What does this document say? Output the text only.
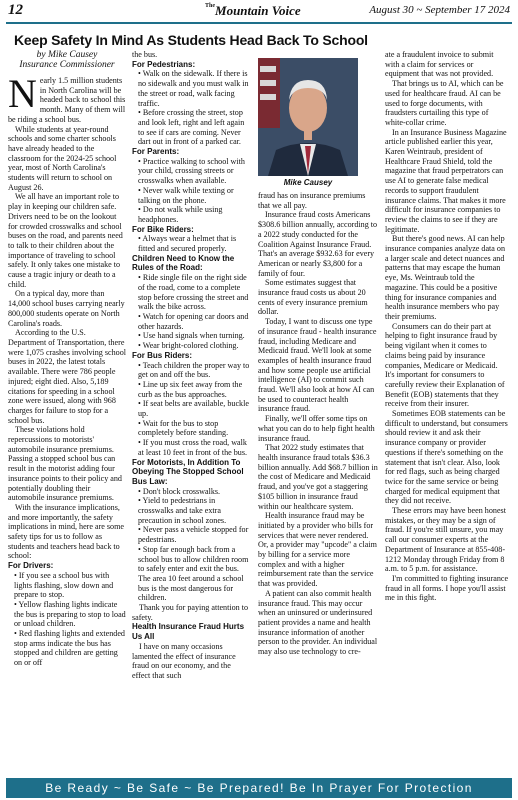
12	$^{The}$Mountain Voice	August 30 ~ September 17 2024
Keep Safety In Mind As Students Head Back To School
by Mike Causey
Insurance Commissioner

Nearly 1.5 million students in North Carolina will be headed back to school this month. Many of them will be riding a school bus.

While students at year-round schools and some charter schools have already headed to the classroom for the 2024-25 school year, most of North Carolina's students will return to school on August 26.

We all have an important role to play in keeping our children safe. Drivers need to be on the lookout for crowded crosswalks and school buses on the road, and parents need to talk to their children about the importance of traveling to school safely. It only takes one mistake to cause a tragic injury or death to a child.

On a typical day, more than 14,000 school buses carrying nearly 800,000 students operate on North Carolina's roads.

According to the U.S. Department of Transportation, there were 1,075 crashes involving school buses in 2022, the latest totals available. There were 786 people injured; eight died. Also, 5,189 citations for speeding in a school zone were issued, along with 968 charges for failure to stop for a school bus.

These violations hold repercussions to motorists' automobile insurance premiums. Passing a stopped school bus can result in the motorist adding four insurance points to their policy and potentially doubling their automobile insurance premiums.

With the insurance implications, and more importantly, the safety implications in mind, here are some safety tips for us to follow as students and teachers head back to school:

For Drivers:

• If you see a school bus with lights flashing, slow down and prepare to stop.

• Yellow flashing lights indicate the bus is preparing to stop to load or unload children.

• Red flashing lights and extended stop arms indicate the bus has stopped and children are getting on or off

the bus.

For Pedestrians:

• Walk on the sidewalk. If there is no sidewalk and you must walk in the street or road, walk facing traffic.

• Before crossing the street, stop and look left, right and left again to see if cars are coming. Never dart out in front of a parked car.

For Parents:

• Practice walking to school with your child, crossing streets or crosswalks when available.

• Never walk while texting or talking on the phone.

• Do not walk while using headphones.

For Bike Riders:

• Always wear a helmet that is fitted and secured properly.

Children Need to Know the Rules of the Road:

• Ride single file on the right side of the road, come to a complete stop before crossing the street and walk the bike across.

• Watch for opening car doors and other hazards.

• Use hand signals when turning.

• Wear bright-colored clothing.

For Bus Riders:

• Teach children the proper way to get on and off the bus.

• Line up six feet away from the curb as the bus approaches.

• If seat belts are available, buckle up.

• Wait for the bus to stop completely before standing.

• If you must cross the road, walk at least 10 feet in front of the bus.

For Motorists, In Addition To Obeying The Stopped School Bus Law:

• Don't block crosswalks.

• Yield to pedestrians in crosswalks and take extra precaution in school zones.

• Never pass a vehicle stopped for pedestrians.

• Stop far enough back from a school bus to allow children room to safely enter and exit the bus. The area 10 feet around a school bus is the most dangerous for children.

Thank you for paying attention to safety.

Health Insurance Fraud Hurts Us All

I have on many occasions lamented the effect of insurance fraud on our economy, and the effect that such

Mike Causey

fraud has on insurance premiums that we all pay.

Insurance fraud costs Americans $308.6 billion annually, according to a 2022 study conducted for the Coalition Against Insurance Fraud. That's an average $932.63 for every American or nearly $3,800 for a family of four.

Some estimates suggest that insurance fraud costs us about 20 cents of every insurance premium dollar.

Today, I want to discuss one type of insurance fraud - health insurance fraud, including Medicare and Medicaid fraud. We'll look at some examples of health insurance fraud and how some people use artificial intelligence (AI) to commit such fraud. We'll also look at how AI can be used to counteract health insurance fraud.

Finally, we'll offer some tips on what you can do to help fight health insurance fraud.

That 2022 study estimates that health insurance fraud totals $36.3 billion annually. Add $68.7 billion in the cost of Medicare and Medicaid fraud, and you've got a staggering $105 billion in insurance fraud within our healthcare system.

Health insurance fraud may be initiated by a provider who bills for services that were never rendered. Or, a provider may "upcode" a claim by billing for a service more complex and with a higher reimbursement rate than the service that was provided.

A patient can also commit health insurance fraud. This may occur when an uninsured or underinsured patient provides a name and health insurance information of another person to the provider. An individual may also use technology to cre-

ate a fraudulent invoice to submit with a claim for services or equipment that was not provided.

That brings us to AI, which can be used for healthcare fraud. AI can be used to forge documents, with fraudsters curtailing this type of white-collar crime.

In an Insurance Business Magazine article published earlier this year, Karen Weintraub, president of Healthcare Fraud Shield, told the magazine that fraud perpetrators can use AI to generate false medical records to support fraudulent insurance claims. That makes it more difficult for insurance companies to review the claims to see if they are legitimate.

But there's good news. AI can help insurance companies analyze data on a larger scale and detect nuances and patterns that may escape the human eye, Ms. Weintraub told the magazine. This could be a positive thing for insurance companies and health insurance members who pay their premiums.

Consumers can do their part at helping to fight insurance fraud by being vigilant when it comes to claims being paid by insurance companies, Medicare or Medicaid. It's important for consumers to carefully review their Explanation of Benefit (EOB) statements that they receive from their insurer.

Sometimes EOB statements can be difficult to understand, but consumers should review it and ask their insurance company or provider questions if there's something on the statement that isn't clear. Also, look for red flags, such as being charged twice for the same service or being charged for medical equipment that they did not receive.

These errors may have been honest mistakes, or they may be a sign of fraud. If you're still unsure, you may call our consumer experts at the Department of Insurance at 855-408-1212 Monday through Friday from 8 a.m. to 5 p.m. for assistance.

I'm committed to fighting insurance fraud in all forms. I hope you'll assist me in this fight.

Be Ready ~ Be Safe ~ Be Prepared! Be In Prayer For Protection
